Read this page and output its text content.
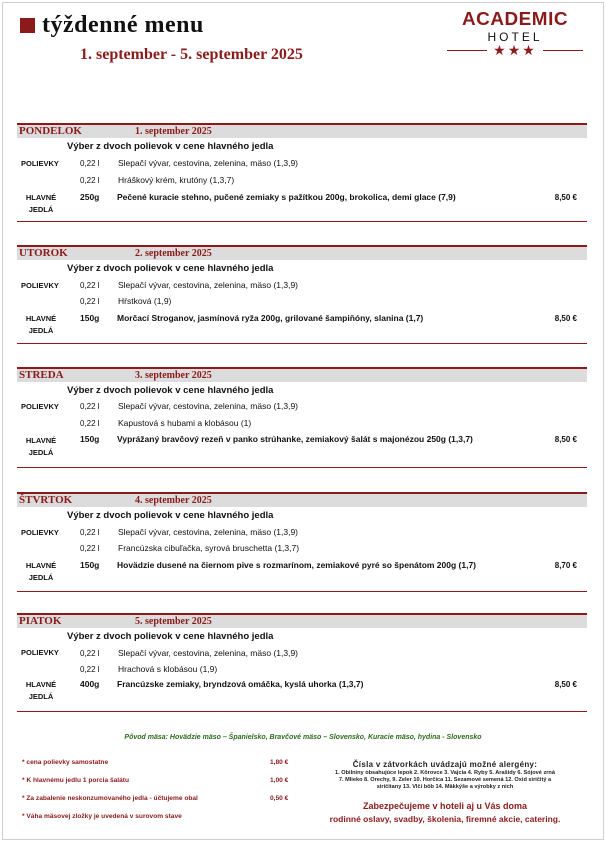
týždenné menu
1. september - 5. september 2025
ACADEMIC
HOTEL
★★★
PONDELOK	1. september 2025
Výber z dvoch polievok v cene hlavného jedla
POLIEVKY	0,22 l Slepačí vývar, cestovina, zelenina, mäso (1,3,9)
0,22 l Hráškový krém, krutóny (1,3,7)
HLAVNÉ
JEDLÁ
250g Pečené kuracie stehno, pučené zemiaky s pažítkou 200g, brokolica, demi glace (7,9)	8,50 €
UTOROK	2. september 2025
Výber z dvoch polievok v cene hlavného jedla
POLIEVKY	0,22 l Slepačí vývar, cestovina, zelenina, mäso (1,3,9)
0,22 l Hŕstková (1,9)
HLAVNÉ
JEDLÁ
150g Morčací Stroganov, jasmínová ryža 200g, grilované šampiňóny, slanina (1,7)	8,50 €
STREDA	3. september 2025
Výber z dvoch polievok v cene hlavného jedla
POLIEVKY	0,22 l Slepačí vývar, cestovina, zelenina, mäso (1,3,9)
0,22 l Kapustová s hubami a klobásou (1)
HLAVNÉ
JEDLÁ
150g Vyprážaný bravčový rezeň v panko strúhanke, zemiakový šalát s majonézou 250g (1,3,7)	8,50 €
ŠTVRTOK	4. september 2025
Výber z dvoch polievok v cene hlavného jedla
POLIEVKY	0,22 l Slepačí vývar, cestovina, zelenina, mäso (1,3,9)
0,22 l Francúzska cibuľačka, syrová bruschetta (1,3,7)
HLAVNÉ
JEDLÁ
150g Hovädzie dusené na čiernom pive s rozmarínom, zemiakové pyré so špenátom 200g (1,7)	8,70 €
PIATOK	5. september 2025
Výber z dvoch polievok v cene hlavného jedla
POLIEVKY	0,22 l Slepačí vývar, cestovina, zelenina, mäso (1,3,9)
0,22 l Hrachová s klobásou (1,9)
HLAVNÉ
JEDLÁ
400g Francúzske zemiaky, bryndzová omáčka, kyslá uhorka (1,3,7)	8,50 €
Pôvod mäsa: Hovädzie mäso – Španielsko, Bravčové mäso – Slovensko, Kuracie mäso, hydina - Slovensko
* cena polievky samostatne	1,80 €
* K hlavnému jedlu 1 porcia šalátu	1,00 €
* Za zabalenie neskonzumovaného jedla - účtujeme obal	0,50 €
* Váha mäsovej zložky je uvedená v surovom stave
Čísla v zátvorkách uvádzajú možné alergény:
1. Obilniny obsahujúce lepok 2. Kôrovce 3. Vajcia 4. Ryby 5. Arašidy 6. Sójové zrná
7. Mlieko 8. Orechy, 9. Zeler 10. Horčica 11. Sezamové semená 12. Oxid siričitý a
siričitany 13. Vlčí bôb 14. Mäkkýše a výrobky z nich
Zabezpečujeme v hoteli aj u Vás doma
rodinné oslavy, svadby, školenia, firemné akcie, catering.
